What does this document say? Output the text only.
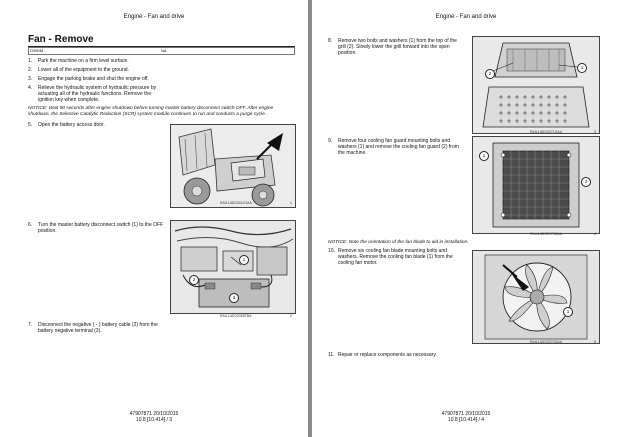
Engine - Fan and drive
Fan - Remove
G950M	NA
1. Park the machine on a firm level surface.
2. Lower all of the equipment to the ground.
3. Engage the parking brake and shut the engine off.
4. Relieve the hydraulic system of hydraulic pressure by actuating all of the hydraulic functions. Remove the ignition key when complete.
NOTICE: Wait 90 seconds after engine shutdown before turning master battery disconnect switch OFF. After engine shutdown, the Selective Catalytic Reduction (SCR) system module continues to run and conducts a purge cycle.
5. Open the battery access door.
RAIL14DO2011GAA	1
6. Turn the master battery disconnect switch (1) to the OFF position.
1
2
3
RAIL14DO2069TBA	2
7. Disconnect the negative ( - ) battery cable (2) from the battery negative terminal (3).
47907871 20/10/2015
10.8 [10.414] / 3
Engine - Fan and drive
8. Remove two bolts and washers (1) from the top of the grill (2). Slowly lower the grill forward into the open position.
2
1
RAIL14DO2071GAA	3
9. Remove four cooling fan guard mounting bolts and washers (1) and remove the cooling fan guard (2) from the machine.	1
2
RAIL14DO2073GAA	4
NOTICE: Note the orientation of the fan blade to aid in installation.
10. Remove six cooling fan blade mounting bolts and washers. Remove the cooling fan blade (1) from the cooling fan motor.
1
RAIL14DO2074GAA	5
11. Repair or replace components as necessary.
47907871 20/10/2015
10.8 [10.414] / 4
